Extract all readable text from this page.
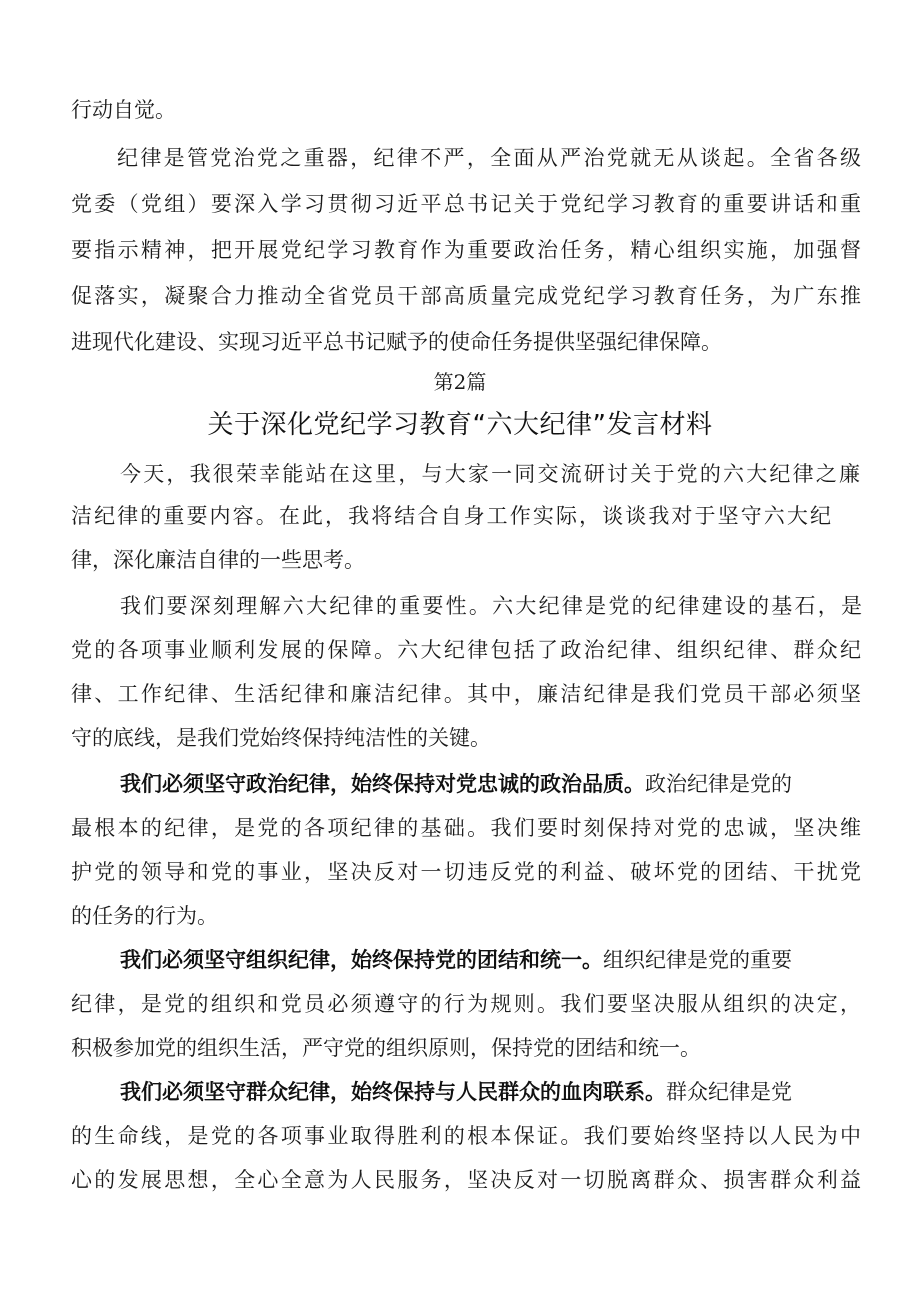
行动自觉。
纪律是管党治党之重器，纪律不严，全面从严治党就无从谈起。全省各级
党委（党组）要深入学习贯彻习近平总书记关于党纪学习教育的重要讲话和重
要指示精神，把开展党纪学习教育作为重要政治任务，精心组织实施，加强督
促落实，凝聚合力推动全省党员干部高质量完成党纪学习教育任务，为广东推
进现代化建设、实现习近平总书记赋予的使命任务提供坚强纪律保障。
第2篇
关于深化党纪学习教育“六大纪律”发言材料
今天，我很荣幸能站在这里，与大家一同交流研讨关于党的六大纪律之廉
洁纪律的重要内容。在此，我将结合自身工作实际，谈谈我对于坚守六大纪
律，深化廉洁自律的一些思考。
我们要深刻理解六大纪律的重要性。六大纪律是党的纪律建设的基石，是
党的各项事业顺利发展的保障。六大纪律包括了政治纪律、组织纪律、群众纪
律、工作纪律、生活纪律和廉洁纪律。其中，廉洁纪律是我们党员干部必须坚
守的底线，是我们党始终保持纯洁性的关键。
我们必须坚守政治纪律，始终保持对党忠诚的政治品质。政治纪律是党的
最根本的纪律，是党的各项纪律的基础。我们要时刻保持对党的忠诚，坚决维
护党的领导和党的事业，坚决反对一切违反党的利益、破坏党的团结、干扰党
的任务的行为。
我们必须坚守组织纪律，始终保持党的团结和统一。组织纪律是党的重要
纪律，是党的组织和党员必须遵守的行为规则。我们要坚决服从组织的决定，
积极参加党的组织生活，严守党的组织原则，保持党的团结和统一。
我们必须坚守群众纪律，始终保持与人民群众的血肉联系。群众纪律是党
的生命线，是党的各项事业取得胜利的根本保证。我们要始终坚持以人民为中
心的发展思想，全心全意为人民服务，坚决反对一切脱离群众、损害群众利益
